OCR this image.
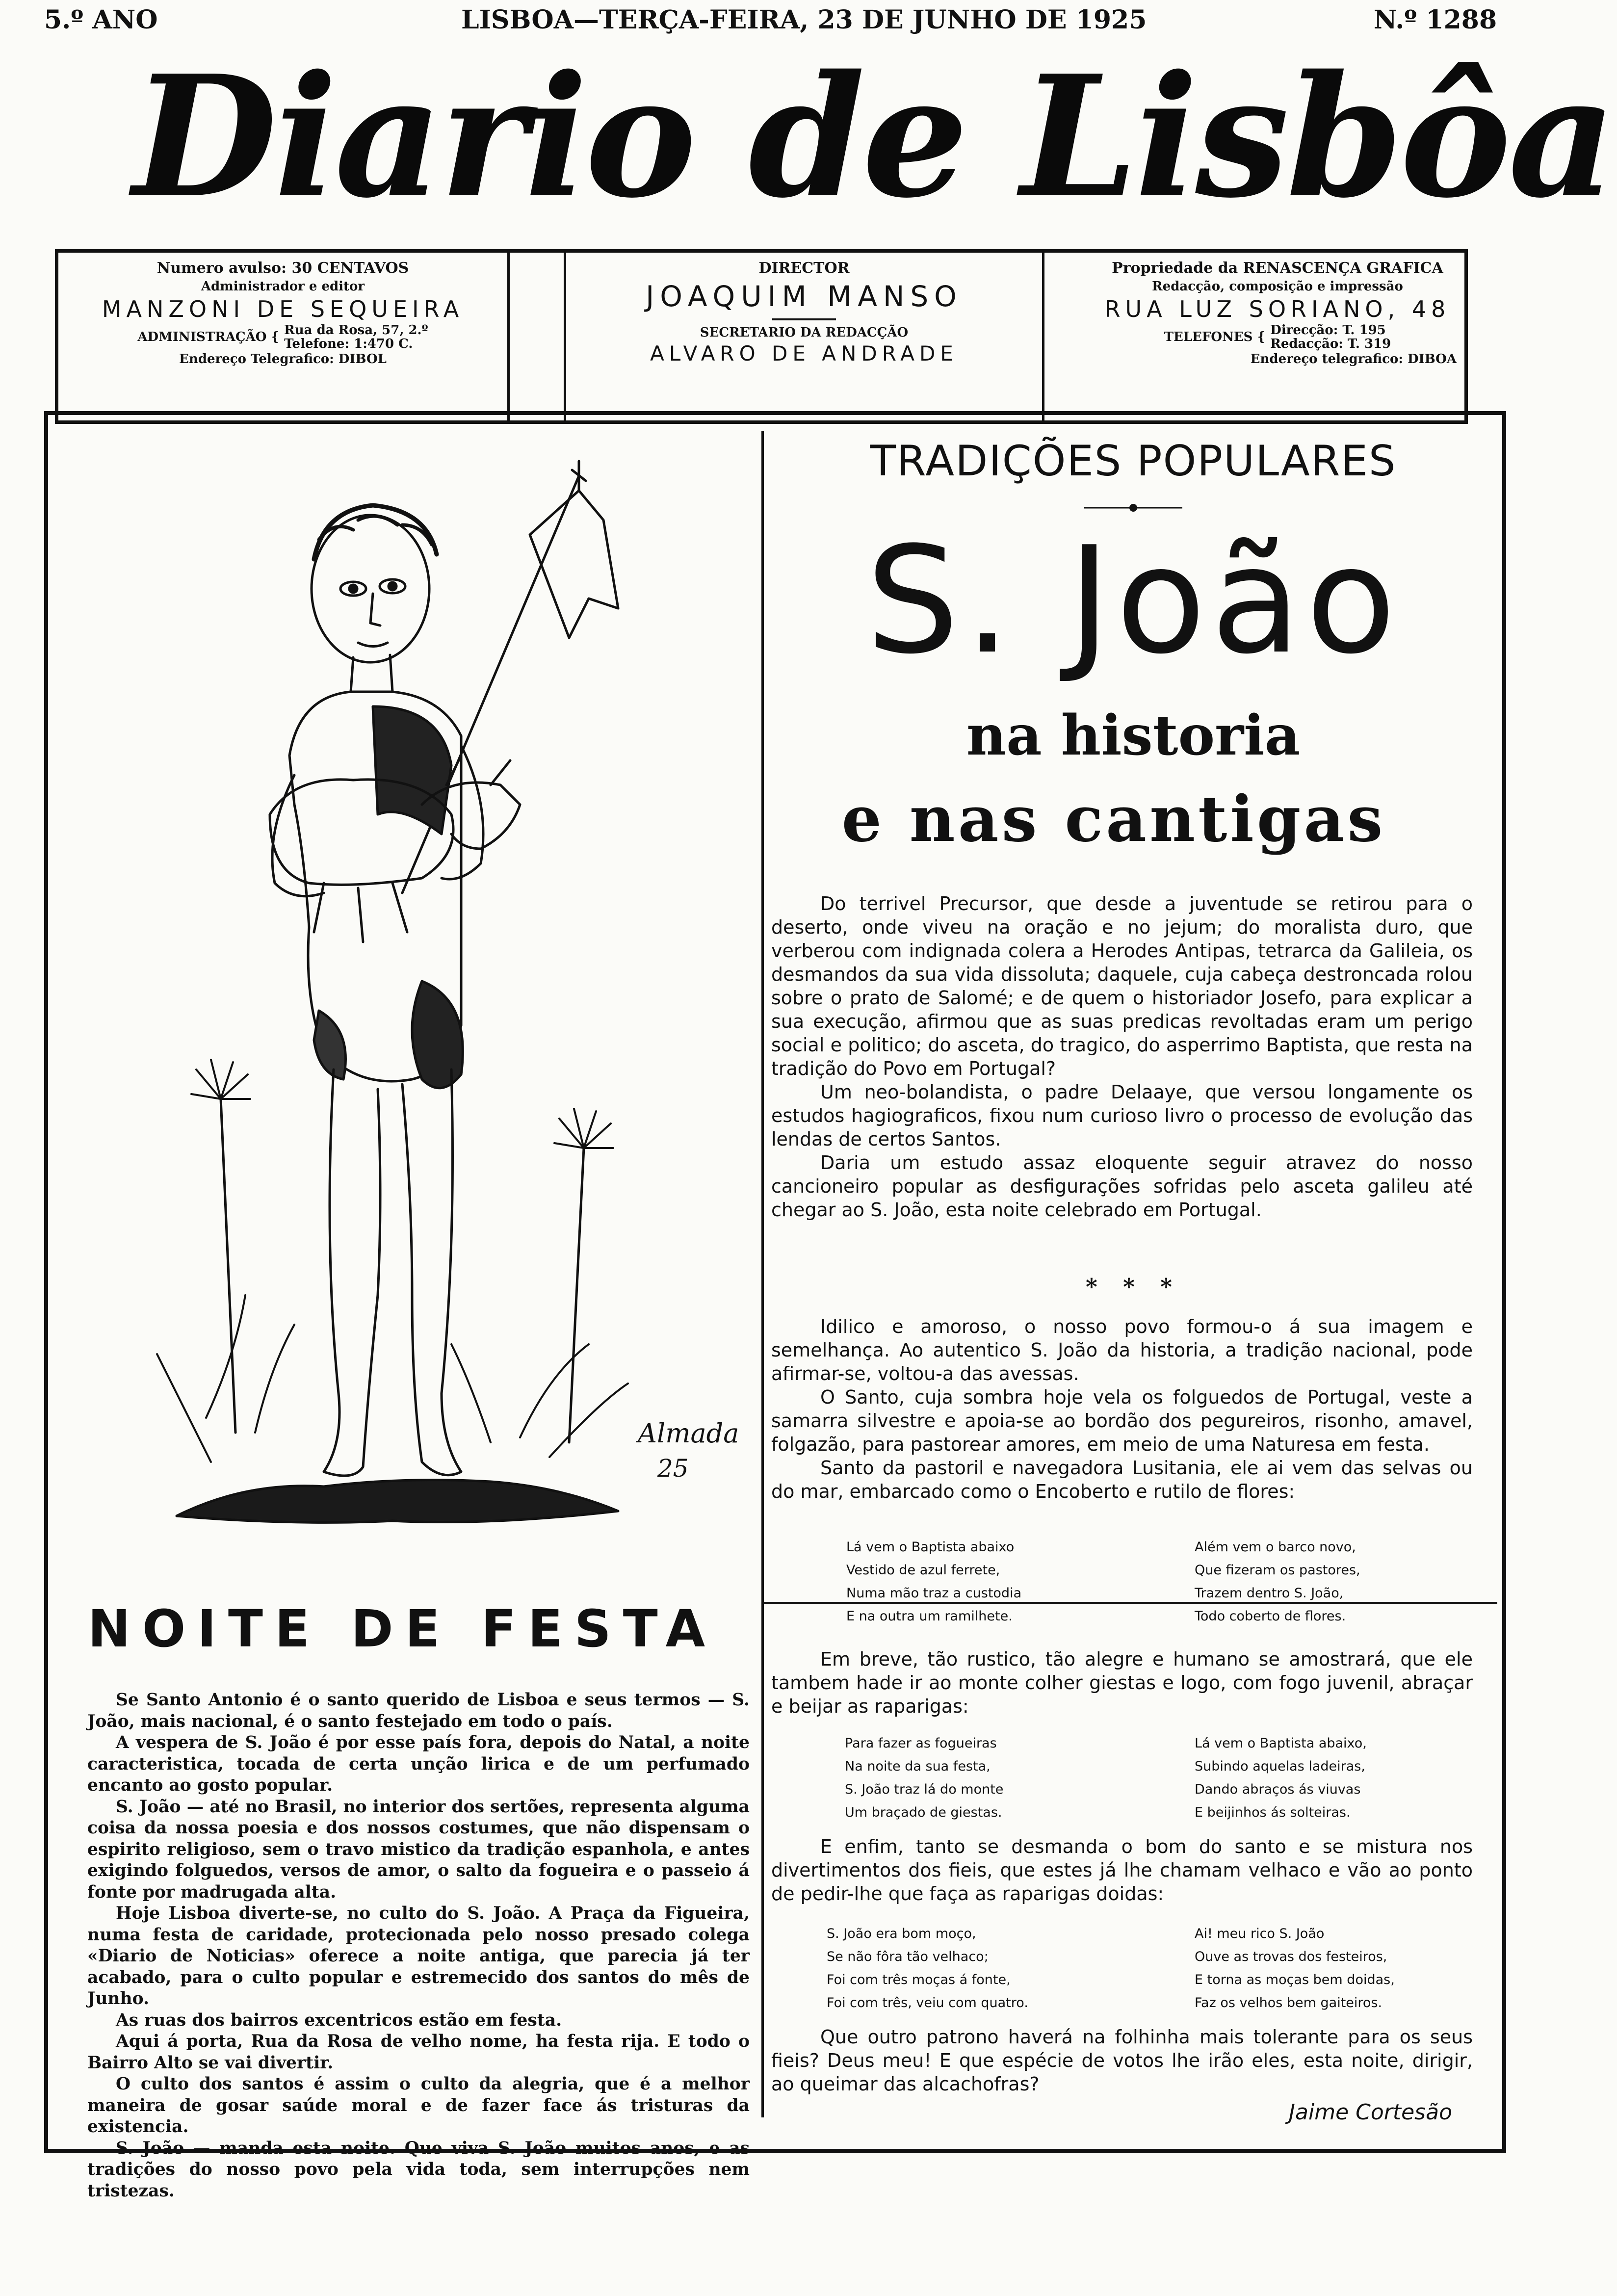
5.º ANO	LISBOA—TERÇA-FEIRA, 23 DE JUNHO DE 1925	N.º 1288
Diario de Lisbôa
Numero avulso: 30 CENTAVOS
Administrador e editor
MANZONI DE SEQUEIRA
ADMINISTRAÇÃO { Rua da Rosa, 57, 2.º
Telefone: 1:470 C.
Endereço Telegrafico: DIBOL
DIRECTOR
JOAQUIM MANSO
SECRETARIO DA REDACÇÃO
ALVARO DE ANDRADE
Propriedade da RENASCENÇA GRAFICA
Redacção, composição e impressão
RUA LUZ SORIANO, 48
TELEFONES { Direcção: T. 195
Redacção: T. 319
Endereço telegrafico: DIBOA
Almada
25
NOITE DE FESTA

Se Santo Antonio é o santo querido de Lisboa e seus termos — S. João, mais nacional, é o santo festejado em todo o país.

A vespera de S. João é por esse país fora, depois do Natal, a noite caracteristica, tocada de certa unção lirica e de um perfumado encanto ao gosto popular.

S. João — até no Brasil, no interior dos sertões, representa alguma coisa da nossa poesia e dos nossos costumes, que não dispensam o espirito religioso, sem o travo mistico da tradição espanhola, e antes exigindo folguedos, versos de amor, o salto da fogueira e o passeio á fonte por madrugada alta.

Hoje Lisboa diverte-se, no culto do S. João. A Praça da Figueira, numa festa de caridade, protecionada pelo nosso presado colega «Diario de Noticias» oferece a noite antiga, que parecia já ter acabado, para o culto popular e estremecido dos santos do mês de Junho.

As ruas dos bairros excentricos estão em festa.

Aqui á porta, Rua da Rosa de velho nome, ha festa rija. E todo o Bairro Alto se vai divertir.

O culto dos santos é assim o culto da alegria, que é a melhor maneira de gosar saúde moral e de fazer face ás tristuras da existencia.

S. João — manda esta noite. Que viva S. João muitos anos, e as tradições do nosso povo pela vida toda, sem interrupções nem tristezas.

TRADIÇÕES POPULARES
S. João
na historia
e nas cantigas

Do terrivel Precursor, que desde a juventude se retirou para o deserto, onde viveu na oração e no jejum; do moralista duro, que verberou com indignada colera a Herodes Antipas, tetrarca da Galileia, os desmandos da sua vida dissoluta; daquele, cuja cabeça destroncada rolou sobre o prato de Salomé; e de quem o historiador Josefo, para explicar a sua execução, afirmou que as suas predicas revoltadas eram um perigo social e politico; do asceta, do tragico, do asperrimo Baptista, que resta na tradição do Povo em Portugal?

Um neo-bolandista, o padre Delaaye, que versou longamente os estudos hagiograficos, fixou num curioso livro o processo de evolução das lendas de certos Santos.

Daria um estudo assaz eloquente seguir atravez do nosso cancioneiro popular as desfigurações sofridas pelo asceta galileu até chegar ao S. João, esta noite celebrado em Portugal.

* * *

Idilico e amoroso, o nosso povo formou-o á sua imagem e semelhança. Ao autentico S. João da historia, a tradição nacional, pode afirmar-se, voltou-a das avessas.

O Santo, cuja sombra hoje vela os folguedos de Portugal, veste a samarra silvestre e apoia-se ao bordão dos pegureiros, risonho, amavel, folgazão, para pastorear amores, em meio de uma Naturesa em festa.

Santo da pastoril e navegadora Lusitania, ele ai vem das selvas ou do mar, embarcado como o Encoberto e rutilo de flores:

Lá vem o Baptista abaixo
Vestido de azul ferrete,
Numa mão traz a custodia
E na outra um ramilhete.
Além vem o barco novo,
Que fizeram os pastores,
Trazem dentro S. João,
Todo coberto de flores.

Em breve, tão rustico, tão alegre e humano se amostrará, que ele tambem hade ir ao monte colher giestas e logo, com fogo juvenil, abraçar e beijar as raparigas:

Para fazer as fogueiras
Na noite da sua festa,
S. João traz lá do monte
Um braçado de giestas.
Lá vem o Baptista abaixo,
Subindo aquelas ladeiras,
Dando abraços ás viuvas
E beijinhos ás solteiras.

E enfim, tanto se desmanda o bom do santo e se mistura nos divertimentos dos fieis, que estes já lhe chamam velhaco e vão ao ponto de pedir-lhe que faça as raparigas doidas:

S. João era bom moço,
Se não fôra tão velhaco;
Foi com três moças á fonte,
Foi com três, veiu com quatro.
Ai! meu rico S. João
Ouve as trovas dos festeiros,
E torna as moças bem doidas,
Faz os velhos bem gaiteiros.

Que outro patrono haverá na folhinha mais tolerante para os seus fieis? Deus meu! E que espécie de votos lhe irão eles, esta noite, dirigir, ao queimar das alcachofras?

Jaime Cortesão
